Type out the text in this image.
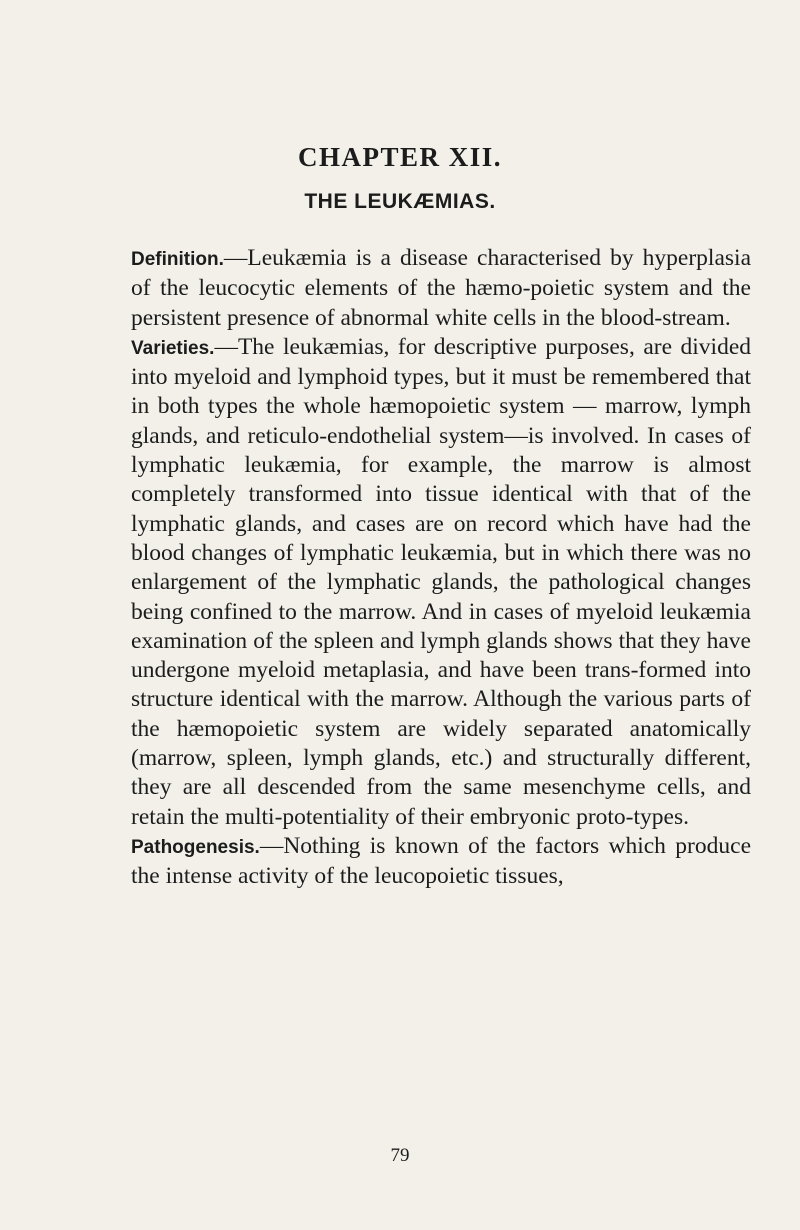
CHAPTER XII.
THE LEUKÆMIAS.

Definition.—Leukæmia is a disease characterised by hyperplasia of the leucocytic elements of the hæmo-poietic system and the persistent presence of abnormal white cells in the blood-stream.

Varieties.—The leukæmias, for descriptive purposes, are divided into myeloid and lymphoid types, but it must be remembered that in both types the whole hæmopoietic system — marrow, lymph glands, and reticulo-endothelial system—is involved. In cases of lymphatic leukæmia, for example, the marrow is almost completely transformed into tissue identical with that of the lymphatic glands, and cases are on record which have had the blood changes of lymphatic leukæmia, but in which there was no enlargement of the lymphatic glands, the pathological changes being confined to the marrow. And in cases of myeloid leukæmia examination of the spleen and lymph glands shows that they have undergone myeloid metaplasia, and have been trans-formed into structure identical with the marrow. Although the various parts of the hæmopoietic system are widely separated anatomically (marrow, spleen, lymph glands, etc.) and structurally different, they are all descended from the same mesenchyme cells, and retain the multi-potentiality of their embryonic proto-types.

Pathogenesis.—Nothing is known of the factors which produce the intense activity of the leucopoietic tissues,

79
